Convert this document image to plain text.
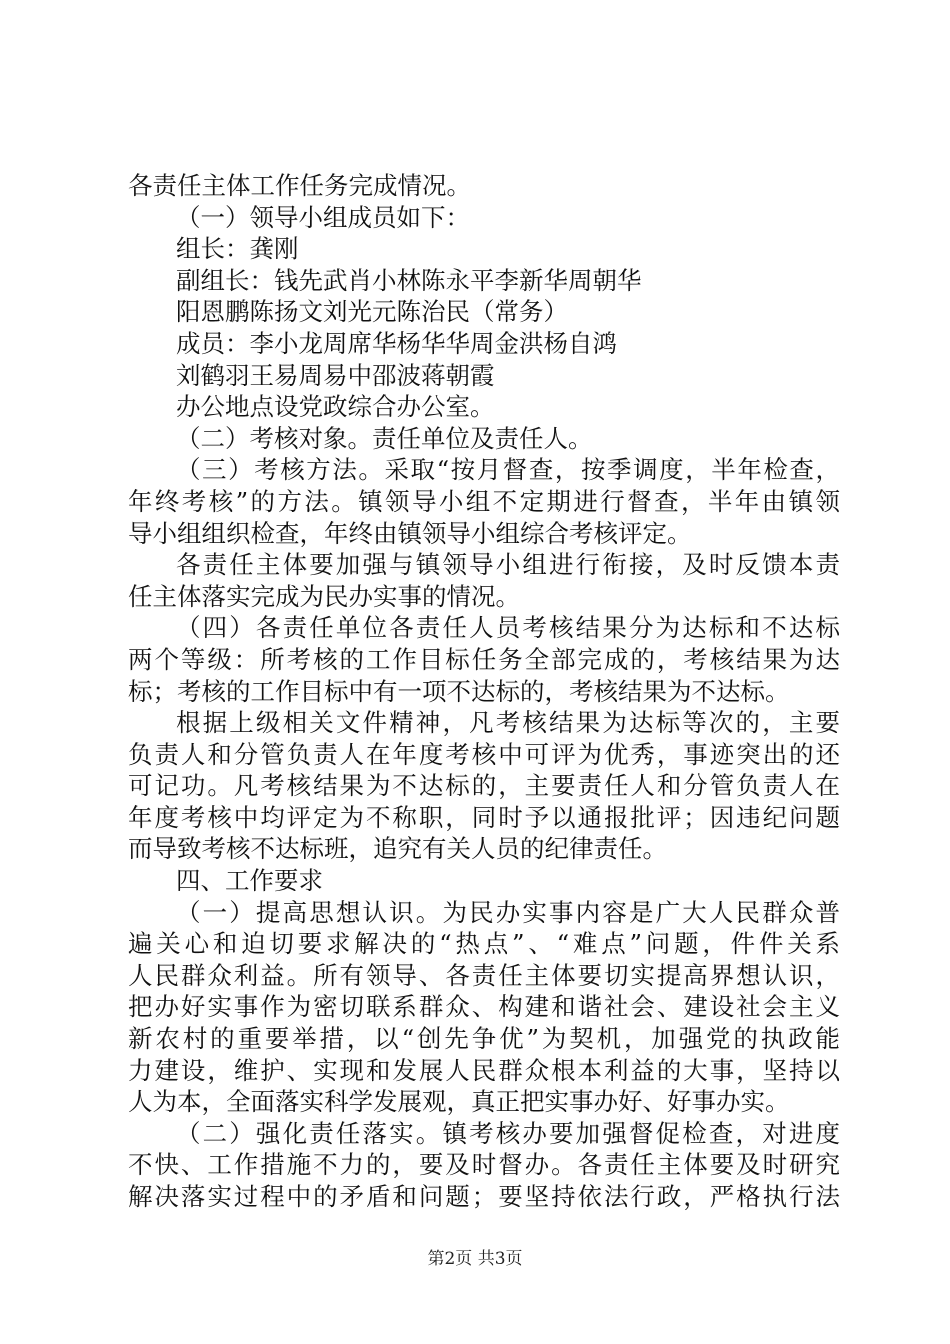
各责任主体工作任务完成情况。
（一）领导小组成员如下：
组长：龚刚
副组长：钱先武肖小林陈永平李新华周朝华
阳恩鹏陈扬文刘光元陈治民（常务）
成员：李小龙周席华杨华华周金洪杨自鸿
刘鹤羽王易周易中邵波蒋朝霞
办公地点设党政综合办公室。
（二）考核对象。责任单位及责任人。
（三）考核方法。采取“按月督查，按季调度，半年检查，
年终考核”的方法。镇领导小组不定期进行督查，半年由镇领
导小组组织检查，年终由镇领导小组综合考核评定。
各责任主体要加强与镇领导小组进行衔接，及时反馈本责
任主体落实完成为民办实事的情况。
（四）各责任单位各责任人员考核结果分为达标和不达标
两个等级：所考核的工作目标任务全部完成的，考核结果为达
标；考核的工作目标中有一项不达标的，考核结果为不达标。
根据上级相关文件精神，凡考核结果为达标等次的，主要
负责人和分管负责人在年度考核中可评为优秀，事迹突出的还
可记功。凡考核结果为不达标的，主要责任人和分管负责人在
年度考核中均评定为不称职，同时予以通报批评；因违纪问题
而导致考核不达标班，追究有关人员的纪律责任。
四、工作要求
（一）提高思想认识。为民办实事内容是广大人民群众普
遍关心和迫切要求解决的“热点”、“难点”问题，件件关系
人民群众利益。所有领导、各责任主体要切实提高界想认识，
把办好实事作为密切联系群众、构建和谐社会、建设社会主义
新农村的重要举措，以“创先争优”为契机，加强党的执政能
力建设，维护、实现和发展人民群众根本利益的大事，坚持以
人为本，全面落实科学发展观，真正把实事办好、好事办实。
（二）强化责任落实。镇考核办要加强督促检查，对进度
不快、工作措施不力的，要及时督办。各责任主体要及时研究
解决落实过程中的矛盾和问题；要坚持依法行政，严格执行法
第2页 共3页
